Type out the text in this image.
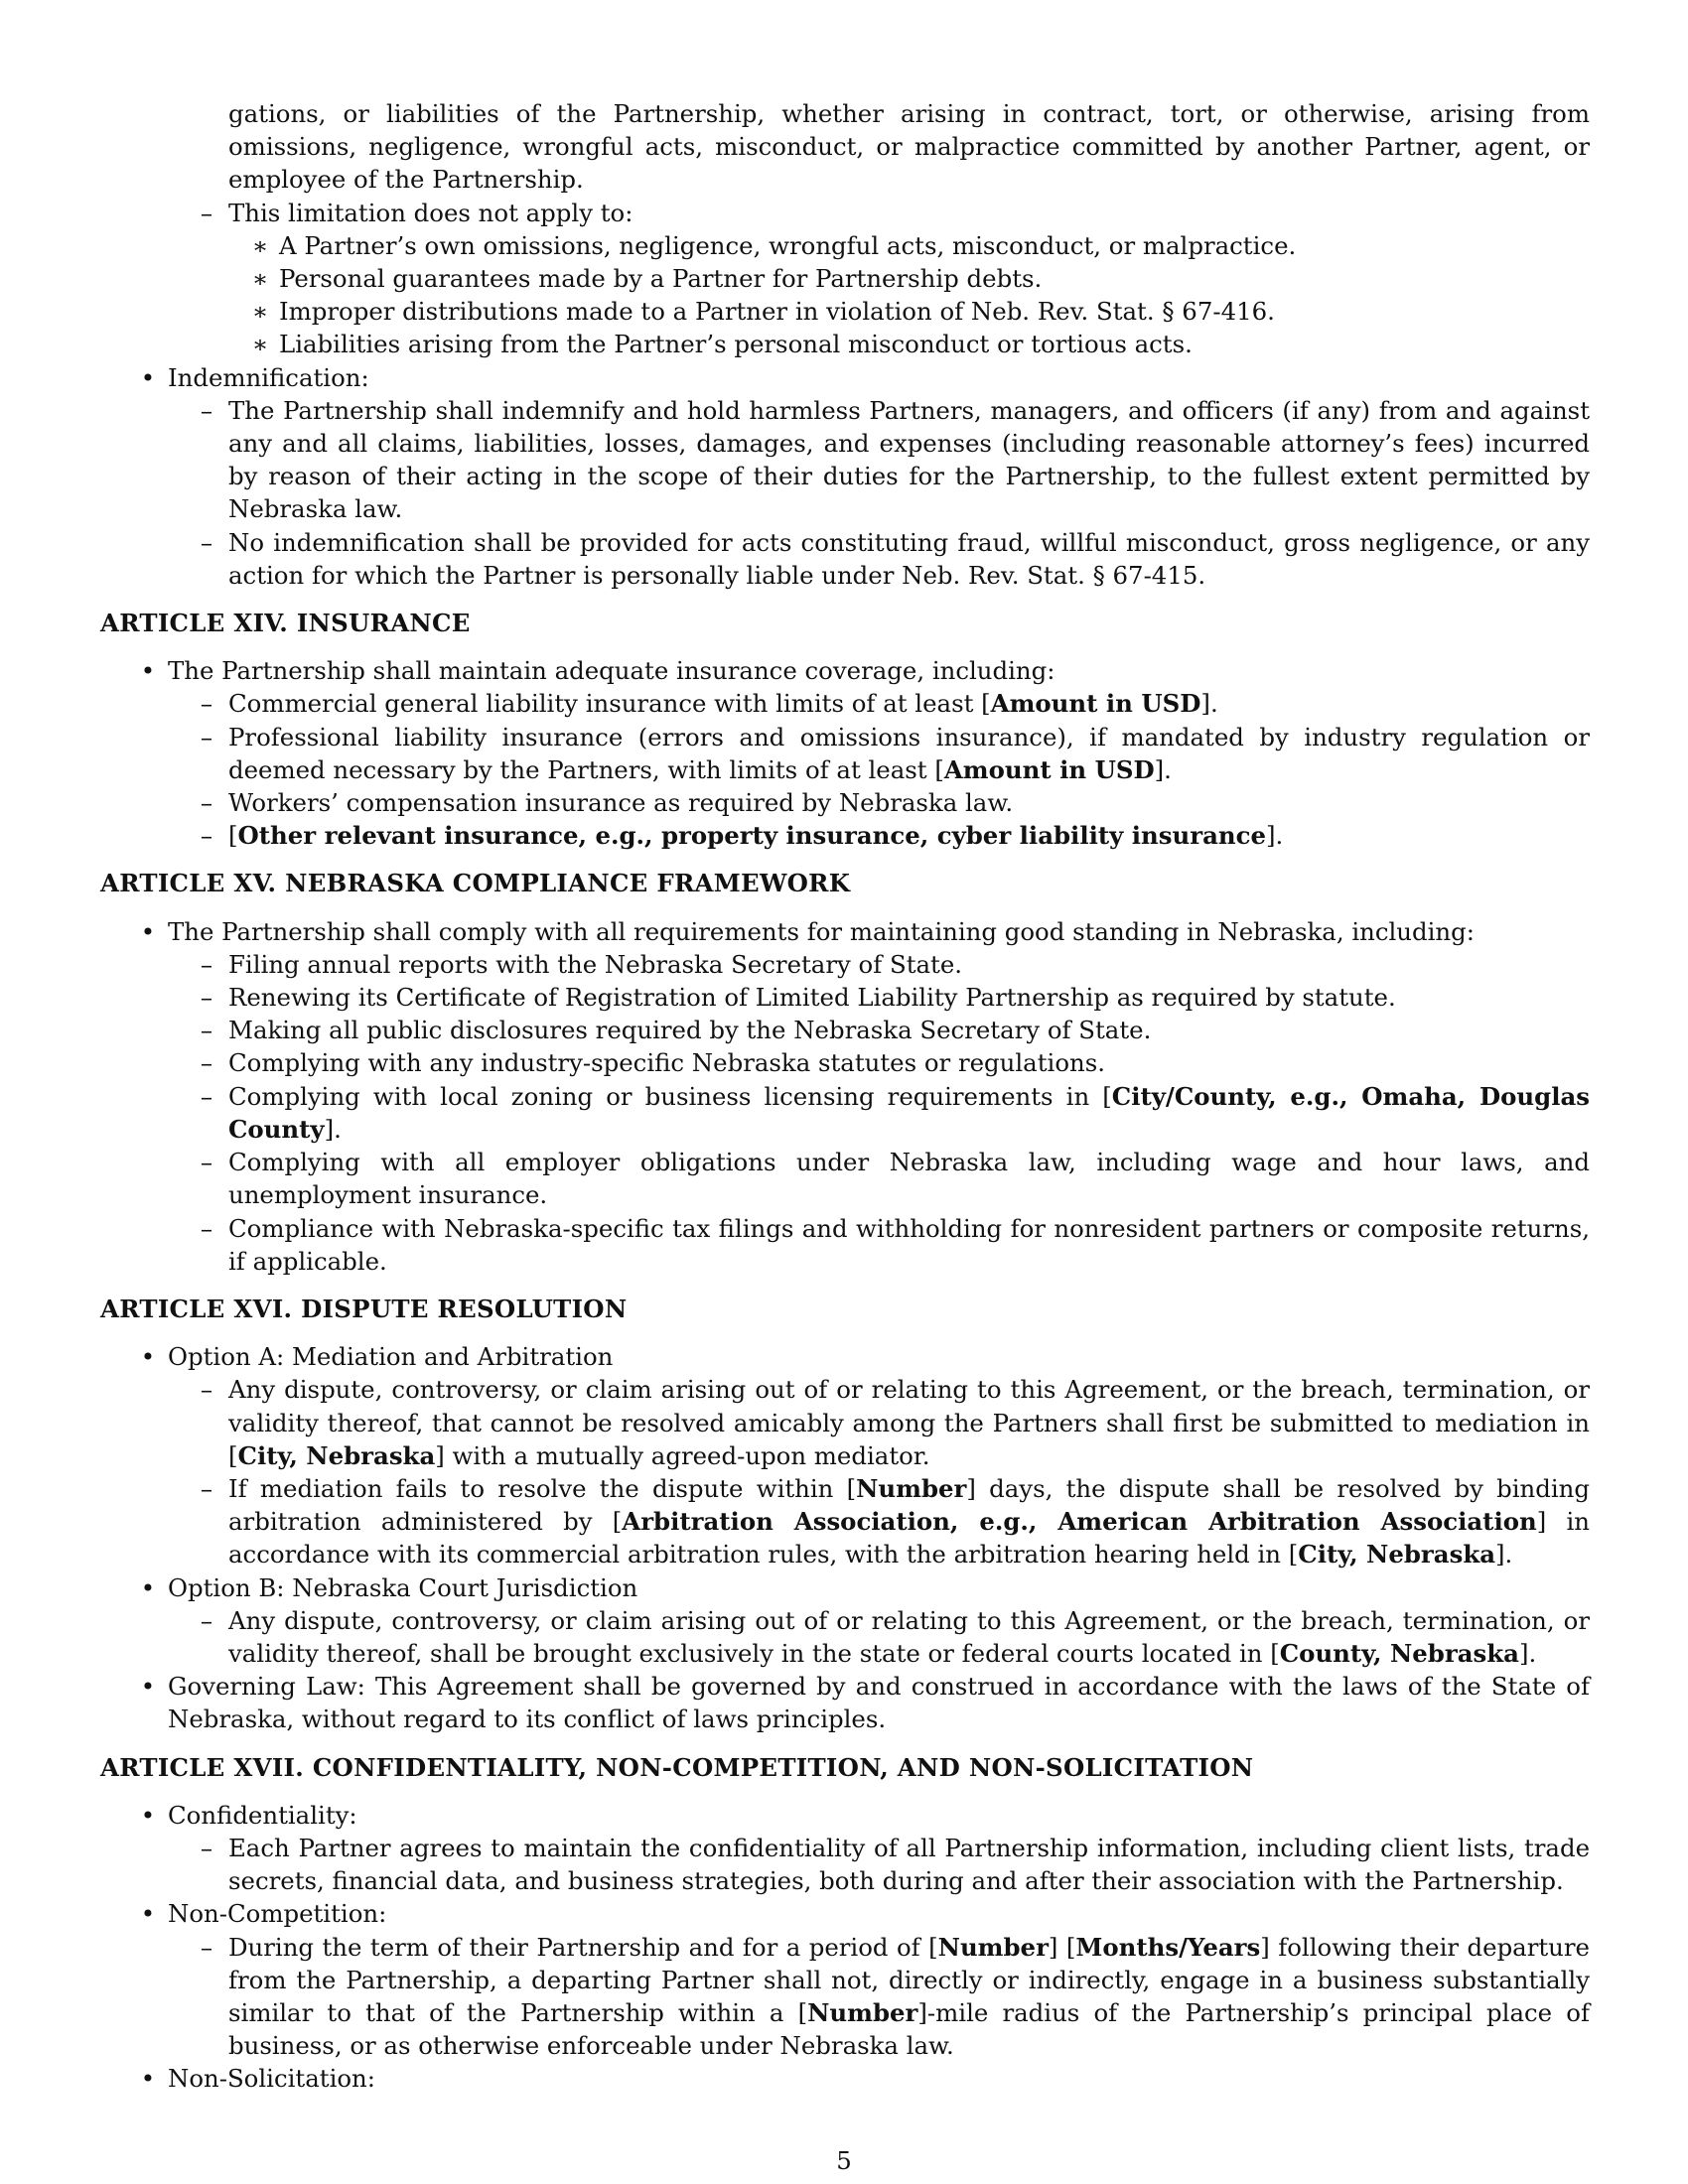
gations, or liabilities of the Partnership, whether arising in contract, tort, or otherwise, arising from omissions, negligence, wrongful acts, misconduct, or malpractice committed by another Partner, agent, or employee of the Partnership.
– This limitation does not apply to:
∗ A Partner’s own omissions, negligence, wrongful acts, misconduct, or malpractice.
∗ Personal guarantees made by a Partner for Partnership debts.
∗ Improper distributions made to a Partner in violation of Neb. Rev. Stat. § 67-416.
∗ Liabilities arising from the Partner’s personal misconduct or tortious acts.
• Indemnification:
– The Partnership shall indemnify and hold harmless Partners, managers, and officers (if any) from and against any and all claims, liabilities, losses, damages, and expenses (including reasonable attorney’s fees) incurred by reason of their acting in the scope of their duties for the Partnership, to the fullest extent permitted by Nebraska law.
– No indemnification shall be provided for acts constituting fraud, willful misconduct, gross negligence, or any action for which the Partner is personally liable under Neb. Rev. Stat. § 67-415.
ARTICLE XIV. INSURANCE
• The Partnership shall maintain adequate insurance coverage, including:
– Commercial general liability insurance with limits of at least [Amount in USD].
– Professional liability insurance (errors and omissions insurance), if mandated by industry regulation or deemed necessary by the Partners, with limits of at least [Amount in USD].
– Workers’ compensation insurance as required by Nebraska law.
– [Other relevant insurance, e.g., property insurance, cyber liability insurance].
ARTICLE XV. NEBRASKA COMPLIANCE FRAMEWORK
• The Partnership shall comply with all requirements for maintaining good standing in Nebraska, including:
– Filing annual reports with the Nebraska Secretary of State.
– Renewing its Certificate of Registration of Limited Liability Partnership as required by statute.
– Making all public disclosures required by the Nebraska Secretary of State.
– Complying with any industry-specific Nebraska statutes or regulations.
– Complying with local zoning or business licensing requirements in [City/County, e.g., Omaha, Douglas County].
– Complying with all employer obligations under Nebraska law, including wage and hour laws, and unemployment insurance.
– Compliance with Nebraska-specific tax filings and withholding for nonresident partners or composite returns, if applicable.
ARTICLE XVI. DISPUTE RESOLUTION
• Option A: Mediation and Arbitration
– Any dispute, controversy, or claim arising out of or relating to this Agreement, or the breach, termination, or validity thereof, that cannot be resolved amicably among the Partners shall first be submitted to mediation in [City, Nebraska] with a mutually agreed-upon mediator.
– If mediation fails to resolve the dispute within [Number] days, the dispute shall be resolved by binding arbitration administered by [Arbitration Association, e.g., American Arbitration Association] in accordance with its commercial arbitration rules, with the arbitration hearing held in [City, Nebraska].
• Option B: Nebraska Court Jurisdiction
– Any dispute, controversy, or claim arising out of or relating to this Agreement, or the breach, termination, or validity thereof, shall be brought exclusively in the state or federal courts located in [County, Nebraska].
• Governing Law: This Agreement shall be governed by and construed in accordance with the laws of the State of Nebraska, without regard to its conflict of laws principles.
ARTICLE XVII. CONFIDENTIALITY, NON-COMPETITION, AND NON-SOLICITATION
• Confidentiality:
– Each Partner agrees to maintain the confidentiality of all Partnership information, including client lists, trade secrets, financial data, and business strategies, both during and after their association with the Partnership.
• Non-Competition:
– During the term of their Partnership and for a period of [Number] [Months/Years] following their departure from the Partnership, a departing Partner shall not, directly or indirectly, engage in a business substantially similar to that of the Partnership within a [Number]-mile radius of the Partnership’s principal place of business, or as otherwise enforceable under Nebraska law.
• Non-Solicitation:
5
